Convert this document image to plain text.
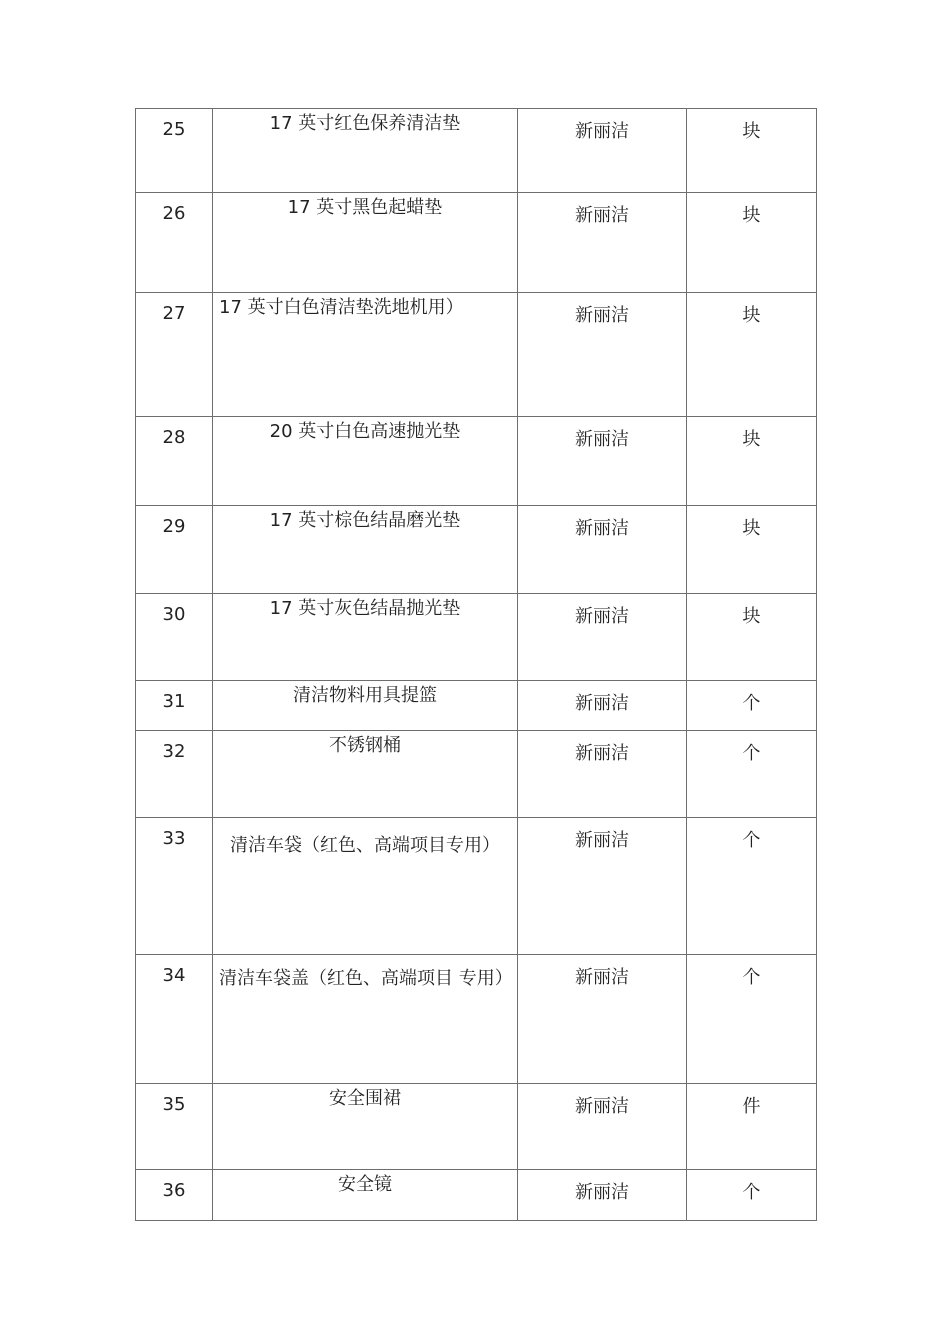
25	17 英寸红色保养清洁垫	新丽洁	块
26	17 英寸黑色起蜡垫	新丽洁	块
27	17 英寸白色清洁垫洗地机用）	新丽洁	块
28	20 英寸白色高速抛光垫	新丽洁	块
29	17 英寸棕色结晶磨光垫	新丽洁	块
30	17 英寸灰色结晶抛光垫	新丽洁	块
31	清洁物料用具提篮	新丽洁	个
32	不锈钢桶	新丽洁	个
33	清洁车袋（红色、高端项目专用）	新丽洁	个
34	清洁车袋盖（红色、高端项目 专用）	新丽洁	个
35	安全围裙	新丽洁	件
36	安全镜	新丽洁	个
